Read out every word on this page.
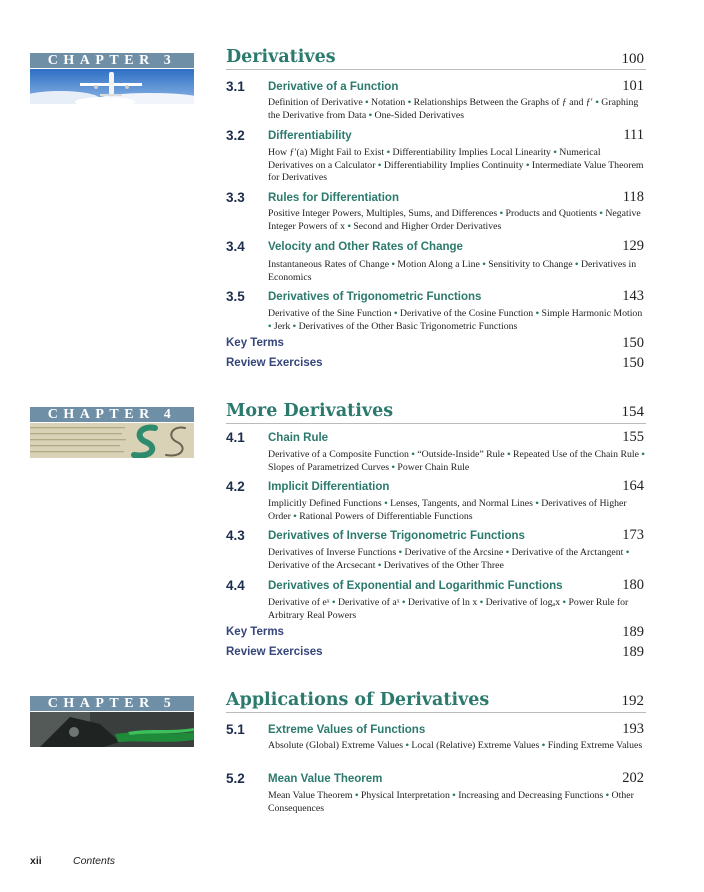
CHAPTER 3	Derivatives	100
3.1 Derivative of a Function	101
Definition of Derivative • Notation • Relationships Between the Graphs of ƒ and ƒ′ • Graphing the Derivative from Data • One-Sided Derivatives
3.2 Differentiability	111
How ƒ′(a) Might Fail to Exist • Differentiability Implies Local Linearity • Numerical Derivatives on a Calculator • Differentiability Implies Continuity • Intermediate Value Theorem for Derivatives
3.3 Rules for Differentiation	118
Positive Integer Powers, Multiples, Sums, and Differences • Products and Quotients • Negative Integer Powers of x • Second and Higher Order Derivatives
3.4 Velocity and Other Rates of Change	129
Instantaneous Rates of Change • Motion Along a Line • Sensitivity to Change • Derivatives in Economics
3.5 Derivatives of Trigonometric Functions	143
Derivative of the Sine Function • Derivative of the Cosine Function • Simple Harmonic Motion • Jerk • Derivatives of the Other Basic Trigonometric Functions
Key Terms	150
Review Exercises	150
CHAPTER 4	More Derivatives	154
4.1 Chain Rule	155
Derivative of a Composite Function • “Outside-Inside” Rule • Repeated Use of the Chain Rule • Slopes of Parametrized Curves • Power Chain Rule
4.2 Implicit Differentiation	164
Implicitly Defined Functions • Lenses, Tangents, and Normal Lines • Derivatives of Higher Order • Rational Powers of Differentiable Functions
4.3 Derivatives of Inverse Trigonometric Functions	173
Derivatives of Inverse Functions • Derivative of the Arcsine • Derivative of the Arctangent • Derivative of the Arcsecant • Derivatives of the Other Three
4.4 Derivatives of Exponential and Logarithmic Functions	180
Derivative of eˣ • Derivative of aˣ • Derivative of ln x • Derivative of logₐx • Power Rule for Arbitrary Real Powers
Key Terms	189
Review Exercises	189
CHAPTER 5	Applications of Derivatives	192
5.1 Extreme Values of Functions	193
Absolute (Global) Extreme Values • Local (Relative) Extreme Values • Finding Extreme Values
5.2 Mean Value Theorem	202
Mean Value Theorem • Physical Interpretation • Increasing and Decreasing Functions • Other Consequences
xii	Contents
